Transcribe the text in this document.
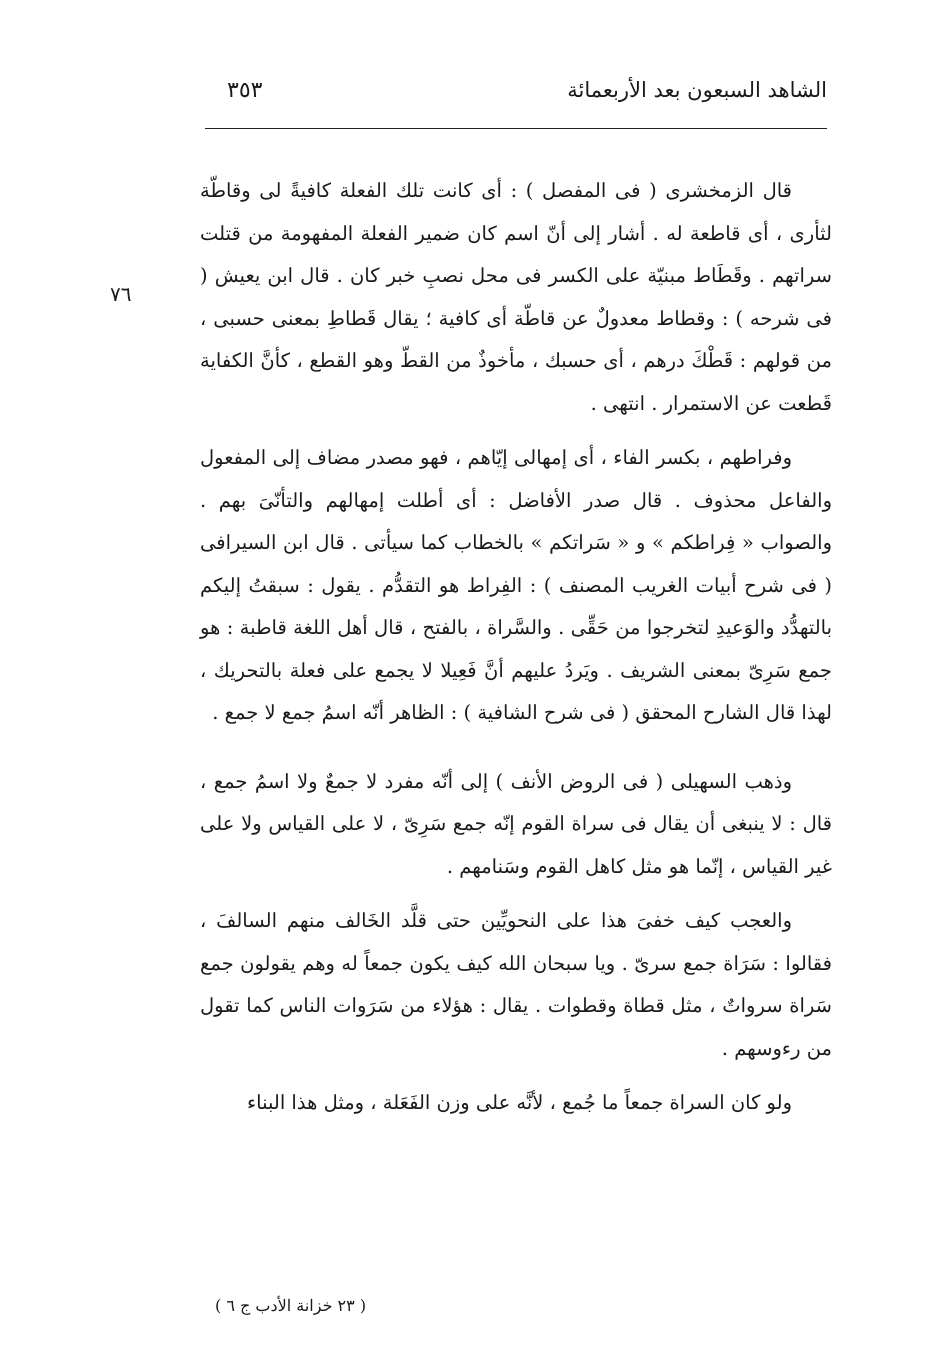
الشاهد السبعون بعد الأربعمائة
٣٥٣
٧٦

قال الزمخشرى ( فى المفصل ) : أى كانت تلك الفعلة كافيةً لى وقاطّة لثأرى ، أى قاطعة له . أشار إلى أنّ اسم كان ضمير الفعلة المفهومة من قتلت سراتهم . وقَطَاط مبنيّة على الكسر فى محل نصبِ خبر كان . قال ابن يعيش ( فى شرحه ) : وقطاط معدولٌ عن قاطّة أى كافية ؛ يقال قَطاطِ بمعنى حسبى ، من قولهم : قَطْكَ درهم ، أى حسبك ، مأخوذٌ من القطّ وهو القطع ، كأنَّ الكفاية قَطعت عن الاستمرار . انتهى .

وفراطهم ، بكسر الفاء ، أى إمهالى إيّاهم ، فهو مصدر مضاف إلى المفعول والفاعل محذوف . قال صدر الأفاضل : أى أطلت إمهالهم والتأنّىَ بهم . والصواب « فِراطكم » و « سَراتكم » بالخطاب كما سيأتى . قال ابن السيرافى ( فى شرح أبيات الغريب المصنف ) : الفِراط هو التقدُّم . يقول : سبقتُ إليكم بالتهدُّد والوَعيدِ لتخرجوا من حَقِّى . والسَّراة ، بالفتح ، قال أهل اللغة قاطبة : هو جمع سَرِىّ بمعنى الشريف . ويَردُ عليهم أنَّ فَعِيلا لا يجمع على فعلة بالتحريك ، لهذا قال الشارح المحقق ( فى شرح الشافية ) : الظاهر أنّه اسمُ جمع لا جمع .

وذهب السهيلى ( فى الروض الأنف ) إلى أنّه مفرد لا جمعٌ ولا اسمُ جمع ، قال : لا ينبغى أن يقال فى سراة القوم إنّه جمع سَرِىّ ، لا على القياس ولا على غير القياس ، إنّما هو مثل كاهل القوم وسَنامهم .

والعجب كيف خفىَ هذا على النحويِّين حتى قلَّد الخَالف منهم السالفَ ، فقالوا : سَرَاة جمع سرىّ . ويا سبحان الله كيف يكون جمعاً له وهم يقولون جمع سَراة سرواتٌ ، مثل قطاة وقطوات . يقال : هؤلاء من سَرَوات الناس كما تقول من رءوسهم .

ولو كان السراة جمعاً ما جُمع ، لأنَّه على وزن الفَعَلة ، ومثل هذا البناء

( ٢٣ خزانة الأدب ج ٦ )
